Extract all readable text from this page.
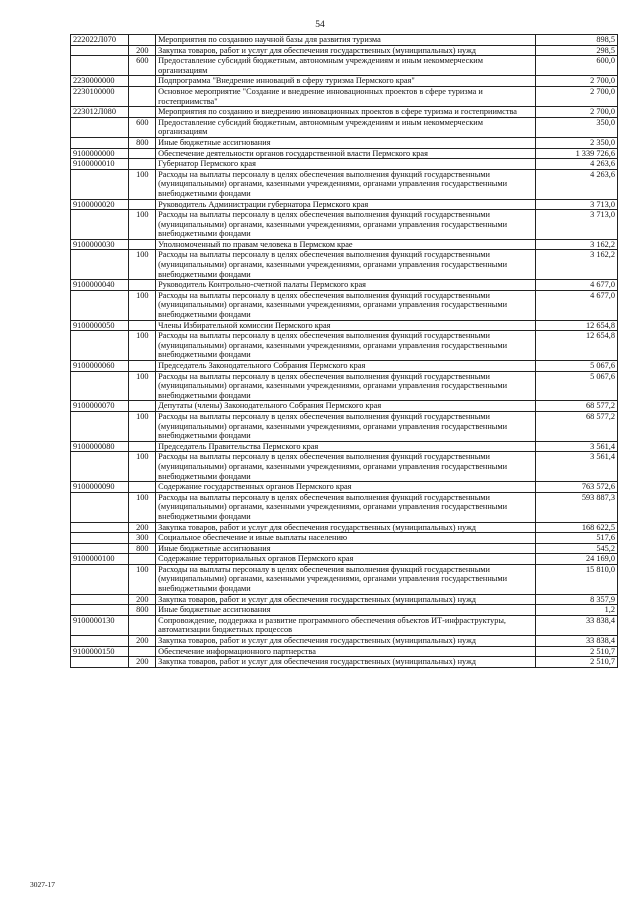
54
222022Л070		Мероприятия по созданию научной базы для развития туризма	898,5
	200	Закупка товаров, работ и услуг для обеспечения государственных (муниципальных) нужд	298,5
	600	Предоставление субсидий бюджетным, автономным учреждениям и иным некоммерческим организациям	600,0
2230000000		Подпрограмма "Внедрение инноваций в сферу туризма Пермского края"	2 700,0
2230100000		Основное мероприятие "Создание и внедрение инновационных проектов в сфере туризма и гостеприимства"	2 700,0
223012Л080		Мероприятия по созданию и внедрению инновационных проектов в сфере туризма и гостеприимства	2 700,0
	600	Предоставление субсидий бюджетным, автономным учреждениям и иным некоммерческим организациям	350,0
	800	Иные бюджетные ассигнования	2 350,0
9100000000		Обеспечение деятельности органов государственной власти Пермского края	1 339 726,6
9100000010		Губернатор Пермского края	4 263,6
	100	Расходы на выплаты персоналу в целях обеспечения выполнения функций государственными (муниципальными) органами, казенными учреждениями, органами управления государственными внебюджетными фондами	4 263,6
9100000020		Руководитель Администрации губернатора Пермского края	3 713,0
	100	Расходы на выплаты персоналу в целях обеспечения выполнения функций государственными (муниципальными) органами, казенными учреждениями, органами управления государственными внебюджетными фондами	3 713,0
9100000030		Уполномоченный по правам человека в Пермском крае	3 162,2
	100	Расходы на выплаты персоналу в целях обеспечения выполнения функций государственными (муниципальными) органами, казенными учреждениями, органами управления государственными внебюджетными фондами	3 162,2
9100000040		Руководитель Контрольно-счетной палаты Пермского края	4 677,0
	100	Расходы на выплаты персоналу в целях обеспечения выполнения функций государственными (муниципальными) органами, казенными учреждениями, органами управления государственными внебюджетными фондами	4 677,0
9100000050		Члены Избирательной комиссии Пермского края	12 654,8
	100	Расходы на выплаты персоналу в целях обеспечения выполнения функций государственными (муниципальными) органами, казенными учреждениями, органами управления государственными внебюджетными фондами	12 654,8
9100000060		Председатель Законодательного Собрания Пермского края	5 067,6
	100	Расходы на выплаты персоналу в целях обеспечения выполнения функций государственными (муниципальными) органами, казенными учреждениями, органами управления государственными внебюджетными фондами	5 067,6
9100000070		Депутаты (члены) Законодательного Собрания Пермского края	68 577,2
	100	Расходы на выплаты персоналу в целях обеспечения выполнения функций государственными (муниципальными) органами, казенными учреждениями, органами управления государственными внебюджетными фондами	68 577,2
9100000080		Председатель Правительства Пермского края	3 561,4
	100	Расходы на выплаты персоналу в целях обеспечения выполнения функций государственными (муниципальными) органами, казенными учреждениями, органами управления государственными внебюджетными фондами	3 561,4
9100000090		Содержание государственных органов Пермского края	763 572,6
	100	Расходы на выплаты персоналу в целях обеспечения выполнения функций государственными (муниципальными) органами, казенными учреждениями, органами управления государственными внебюджетными фондами	593 887,3
	200	Закупка товаров, работ и услуг для обеспечения государственных (муниципальных) нужд	168 622,5
	300	Социальное обеспечение и иные выплаты населению	517,6
	800	Иные бюджетные ассигнования	545,2
9100000100		Содержание территориальных органов Пермского края	24 169,0
	100	Расходы на выплаты персоналу в целях обеспечения выполнения функций государственными (муниципальными) органами, казенными учреждениями, органами управления государственными внебюджетными фондами	15 810,0
	200	Закупка товаров, работ и услуг для обеспечения государственных (муниципальных) нужд	8 357,9
	800	Иные бюджетные ассигнования	1,2
9100000130		Сопровождение, поддержка и развитие программного обеспечения объектов ИТ-инфраструктуры, автоматизации бюджетных процессов	33 838,4
	200	Закупка товаров, работ и услуг для обеспечения государственных (муниципальных) нужд	33 838,4
9100000150		Обеспечение информационного партнерства	2 510,7
	200	Закупка товаров, работ и услуг для обеспечения государственных (муниципальных) нужд	2 510,7
3027-17
